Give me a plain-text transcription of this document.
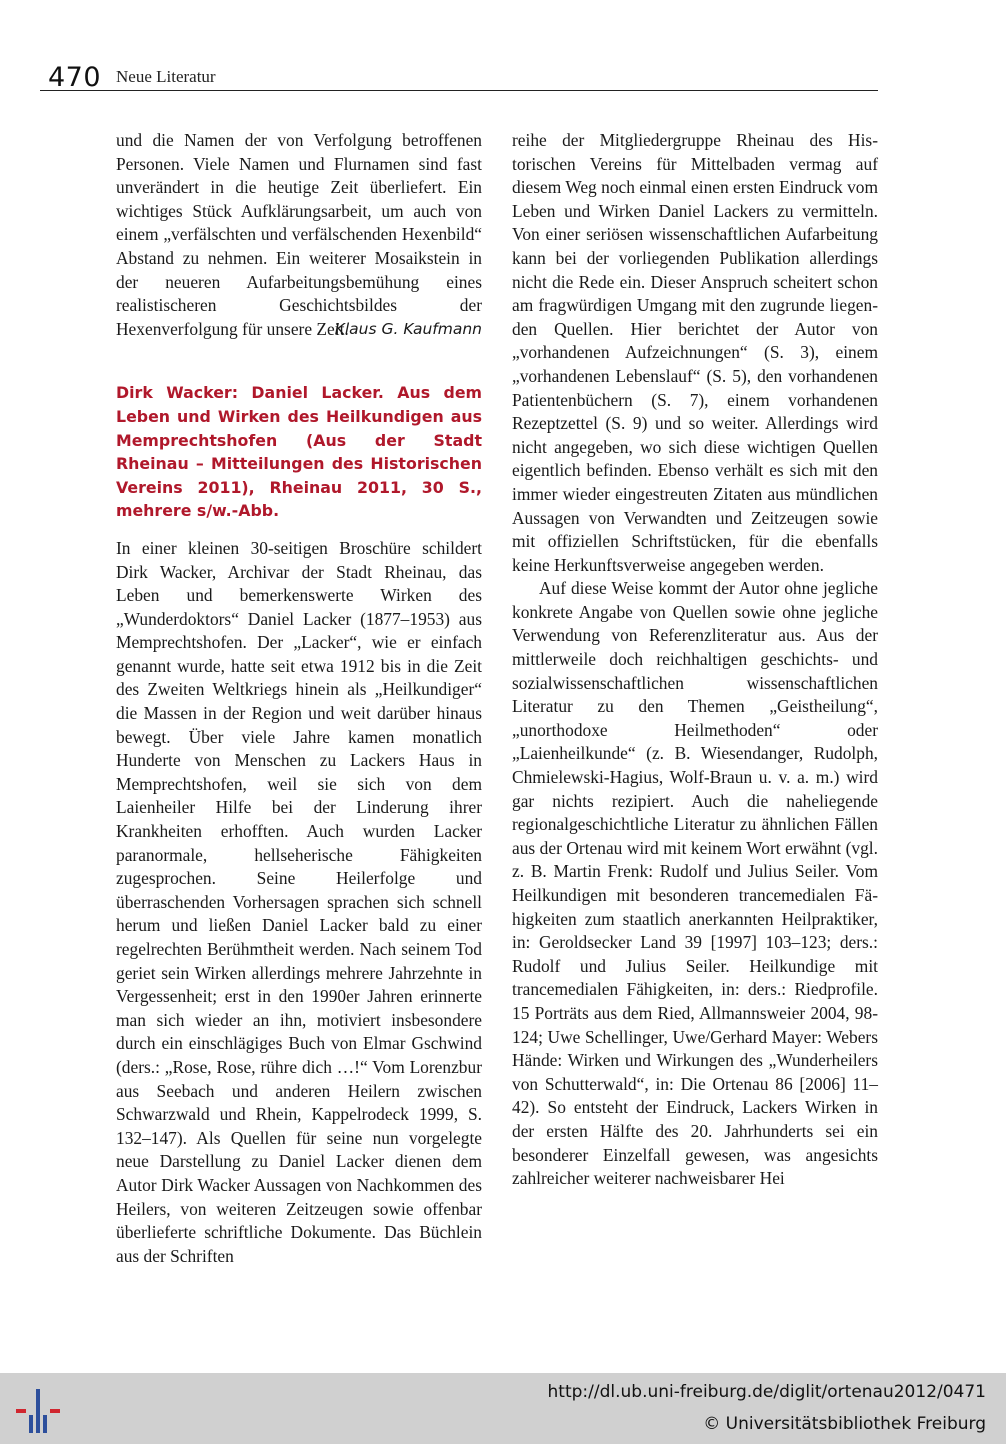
470 Neue Literatur

und die Namen der von Verfolgung betroffenen Personen. Viele Namen und Flurnamen sind fast unverändert in die heutige Zeit überliefert. Ein wichtiges Stück Aufklärungsarbeit, um auch von einem „verfälschten und verfälschenden Hexenbild“ Abstand zu nehmen. Ein weiterer Mosaikstein in der neueren Aufarbeitungsbemühung eines realistischeren Geschichtsbildes der Hexenverfolgung für unsere Zeit.

Klaus G. Kaufmann
Dirk Wacker: Daniel Lacker. Aus dem Leben und Wirken des Heilkundigen aus Memprechtshofen (Aus der Stadt Rheinau – Mitteilungen des Historischen Vereins 2011), Rheinau 2011, 30 S., mehrere s/w.-Abb.

In einer kleinen 30-seitigen Broschüre schildert Dirk Wacker, Archivar der Stadt Rheinau, das Leben und bemerkenswerte Wirken des „Wunderdoktors“ Daniel Lacker (1877–1953) aus Memprechtshofen. Der „Lacker“, wie er einfach genannt wurde, hatte seit etwa 1912 bis in die Zeit des Zweiten Weltkriegs hinein als „Heilkundiger“ die Massen in der Region und weit darüber hinaus bewegt. Über viele Jahre kamen monatlich Hunderte von Menschen zu Lackers Haus in Memprechtshofen, weil sie sich von dem Laienheiler Hilfe bei der Linderung ihrer Krankheiten erhofften. Auch wurden Lacker paranormale, hellseherische Fähigkeiten zugesprochen. Seine Heilerfolge und überraschenden Vorhersagen sprachen sich schnell herum und ließen Daniel Lacker bald zu einer regelrechten Berühmtheit werden. Nach seinem Tod geriet sein Wirken allerdings mehrere Jahrzehnte in Vergessenheit; erst in den 1990er Jahren erinnerte man sich wieder an ihn, motiviert insbesondere durch ein einschlägiges Buch von Elmar Gschwind (ders.: „Rose, Rose, rühre dich …!“ Vom Lorenzbur aus Seebach und anderen Heilern zwischen Schwarzwald und Rhein, Kappelrodeck 1999, S. 132–147). Als Quellen für seine nun vorgelegte neue Darstellung zu Daniel Lacker dienen dem Autor Dirk Wacker Aussagen von Nachkommen des Heilers, von weiteren Zeitzeugen sowie offenbar überlieferte schriftliche Dokumente. Das Büchlein aus der Schriften

reihe der Mitgliedergruppe Rheinau des Historischen Vereins für Mittelbaden vermag auf diesem Weg noch einmal einen ersten Eindruck vom Leben und Wirken Daniel Lackers zu vermitteln. Von einer seriösen wissenschaftlichen Aufarbeitung kann bei der vorliegenden Publikation allerdings nicht die Rede ein. Dieser Anspruch scheitert schon am fragwürdigen Umgang mit den zugrunde liegenden Quellen. Hier berichtet der Autor von „vorhandenen Aufzeichnungen“ (S. 3), einem „vorhandenen Lebenslauf“ (S. 5), den vorhandenen Patientenbüchern (S. 7), einem vorhandenen Rezeptzettel (S. 9) und so weiter. Allerdings wird nicht angegeben, wo sich diese wichtigen Quellen eigentlich befinden. Ebenso verhält es sich mit den immer wieder eingestreuten Zitaten aus mündlichen Aussagen von Verwandten und Zeitzeugen sowie mit offiziellen Schriftstücken, für die ebenfalls keine Herkunftsverweise angegeben werden.

Auf diese Weise kommt der Autor ohne jegliche konkrete Angabe von Quellen sowie ohne jegliche Verwendung von Referenzliteratur aus. Aus der mittlerweile doch reichhaltigen geschichts- und sozialwissenschaftlichen wissenschaftlichen Literatur zu den Themen „Geistheilung“, „unorthodoxe Heilmethoden“ oder „Laienheilkunde“ (z. B. Wiesendanger, Rudolph, Chmielewski-Hagius, Wolf-Braun u. v. a. m.) wird gar nichts rezipiert. Auch die naheliegende regionalgeschichtliche Literatur zu ähnlichen Fällen aus der Ortenau wird mit keinem Wort erwähnt (vgl. z. B. Martin Frenk: Rudolf und Julius Seiler. Vom Heilkundigen mit besonderen trancemedialen Fähigkeiten zum staatlich anerkannten Heilpraktiker, in: Geroldsecker Land 39 [1997] 103–123; ders.: Rudolf und Julius Seiler. Heilkundige mit trancemedialen Fähigkeiten, in: ders.: Riedprofile. 15 Porträts aus dem Ried, Allmannsweier 2004, 98-124; Uwe Schellinger, Uwe/Gerhard Mayer: Webers Hände: Wirken und Wirkungen des „Wunderheilers von Schutterwald“, in: Die Ortenau 86 [2006] 11–42). So entsteht der Eindruck, Lackers Wirken in der ersten Hälfte des 20. Jahrhunderts sei ein besonderer Einzelfall gewesen, was angesichts zahlreicher weiterer nachweisbarer Hei

http://dl.ub.uni-freiburg.de/diglit/ortenau2012/0471
© Universitätsbibliothek Freiburg
